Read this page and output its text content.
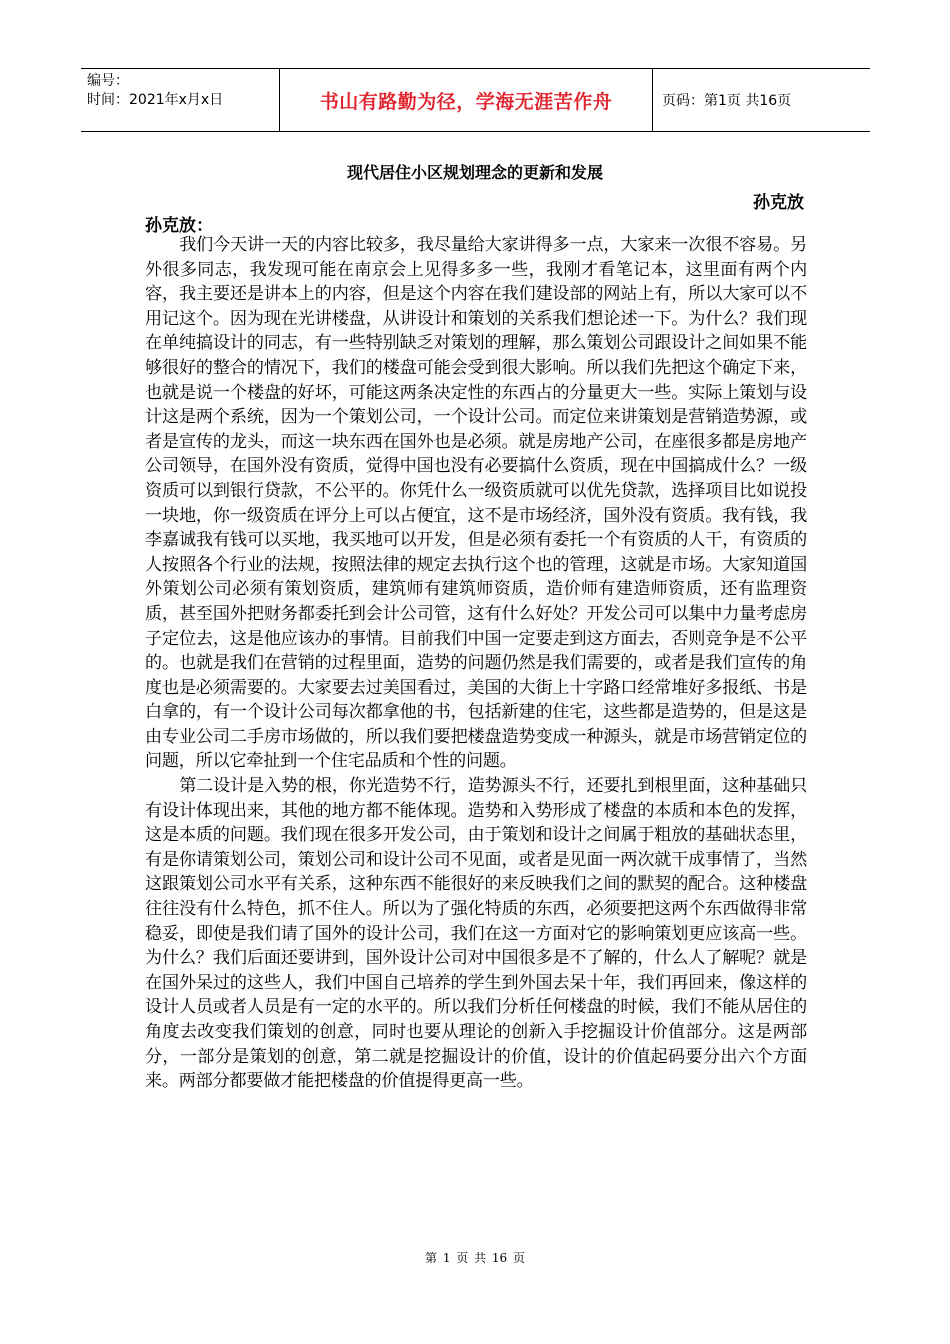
编号：
时间：2021年x月x日	书山有路勤为径，学海无涯苦作舟	页码：第1页 共16页
现代居住小区规划理念的更新和发展
孙克放
孙克放：

我们今天讲一天的内容比较多，我尽量给大家讲得多一点，大家来一次很不容易。另外很多同志，我发现可能在南京会上见得多多一些，我刚才看笔记本，这里面有两个内容，我主要还是讲本上的内容，但是这个内容在我们建设部的网站上有，所以大家可以不用记这个。因为现在光讲楼盘，从讲设计和策划的关系我们想论述一下。为什么？我们现在单纯搞设计的同志，有一些特别缺乏对策划的理解，那么策划公司跟设计之间如果不能够很好的整合的情况下，我们的楼盘可能会受到很大影响。所以我们先把这个确定下来，也就是说一个楼盘的好坏，可能这两条决定性的东西占的分量更大一些。实际上策划与设计这是两个系统，因为一个策划公司，一个设计公司。而定位来讲策划是营销造势源，或者是宣传的龙头，而这一块东西在国外也是必须。就是房地产公司，在座很多都是房地产公司领导，在国外没有资质，觉得中国也没有必要搞什么资质，现在中国搞成什么？一级资质可以到银行贷款，不公平的。你凭什么一级资质就可以优先贷款，选择项目比如说投一块地，你一级资质在评分上可以占便宜，这不是市场经济，国外没有资质。我有钱，我李嘉诚我有钱可以买地，我买地可以开发，但是必须有委托一个有资质的人干，有资质的人按照各个行业的法规，按照法律的规定去执行这个也的管理，这就是市场。大家知道国外策划公司必须有策划资质，建筑师有建筑师资质，造价师有建造师资质，还有监理资质，甚至国外把财务都委托到会计公司管，这有什么好处？开发公司可以集中力量考虑房子定位去，这是他应该办的事情。目前我们中国一定要走到这方面去，否则竞争是不公平的。也就是我们在营销的过程里面，造势的问题仍然是我们需要的，或者是我们宣传的角度也是必须需要的。大家要去过美国看过，美国的大街上十字路口经常堆好多报纸、书是白拿的，有一个设计公司每次都拿他的书，包括新建的住宅，这些都是造势的，但是这是由专业公司二手房市场做的，所以我们要把楼盘造势变成一种源头，就是市场营销定位的问题，所以它牵扯到一个住宅品质和个性的问题。

第二设计是入势的根，你光造势不行，造势源头不行，还要扎到根里面，这种基础只有设计体现出来，其他的地方都不能体现。造势和入势形成了楼盘的本质和本色的发挥，这是本质的问题。我们现在很多开发公司，由于策划和设计之间属于粗放的基础状态里，有是你请策划公司，策划公司和设计公司不见面，或者是见面一两次就干成事情了，当然这跟策划公司水平有关系，这种东西不能很好的来反映我们之间的默契的配合。这种楼盘往往没有什么特色，抓不住人。所以为了强化特质的东西，必须要把这两个东西做得非常稳妥，即使是我们请了国外的设计公司，我们在这一方面对它的影响策划更应该高一些。为什么？我们后面还要讲到，国外设计公司对中国很多是不了解的，什么人了解呢？就是在国外呆过的这些人，我们中国自己培养的学生到外国去呆十年，我们再回来，像这样的设计人员或者人员是有一定的水平的。所以我们分析任何楼盘的时候，我们不能从居住的角度去改变我们策划的创意，同时也要从理论的创新入手挖掘设计价值部分。这是两部分，一部分是策划的创意，第二就是挖掘设计的价值，设计的价值起码要分出六个方面来。两部分都要做才能把楼盘的价值提得更高一些。

第 1 页 共 16 页
